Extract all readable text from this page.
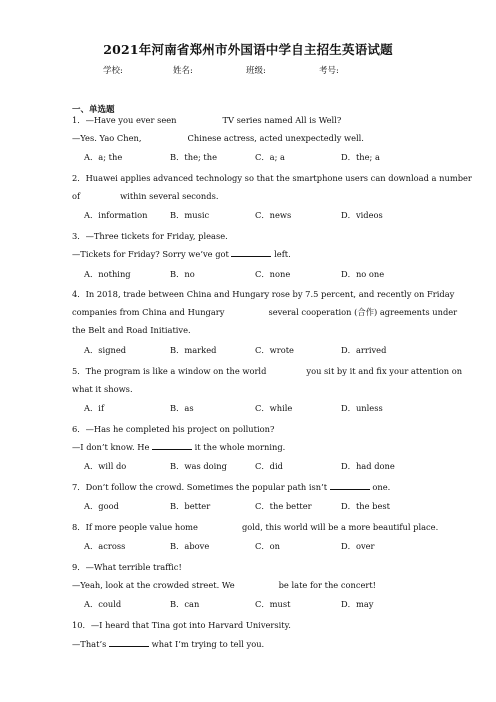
2021年河南省郑州市外国语中学自主招生英语试题
学校:	姓名:	班级:	考号:
一、单选题
1．—Have you ever seen	TV series named All is Well?
—Yes. Yao Chen,	Chinese actress, acted unexpectedly well.
A．a; the	B．the; the	C．a; a	D．the; a
2．Huawei applies advanced technology so that the smartphone users can download a number
of	within several seconds.
A．information	B．music	C．news	D．videos
3．—Three tickets for Friday, please.
—Tickets for Friday? Sorry we’ve got	left.
A．nothing	B．no	C．none	D．no one
4．In 2018, trade between China and Hungary rose by 7.5 percent, and recently on Friday
companies from China and Hungary	several cooperation (合作) agreements under
the Belt and Road Initiative.
A．signed	B．marked	C．wrote	D．arrived
5．The program is like a window on the world	you sit by it and fix your attention on
what it shows.
A．if	B．as	C．while	D．unless
6．—Has he completed his project on pollution?
—I don’t know. He	it the whole morning.
A．will do	B．was doing	C．did	D．had done
7．Don’t follow the crowd. Sometimes the popular path isn’t	one.
A．good	B．better	C．the better	D．the best
8．If more people value home	gold, this world will be a more beautiful place.
A．across	B．above	C．on	D．over
9．—What terrible traffic!
—Yeah, look at the crowded street. We	be late for the concert!
A．could	B．can	C．must	D．may
10．—I heard that Tina got into Harvard University.
—That’s	what I’m trying to tell you.
